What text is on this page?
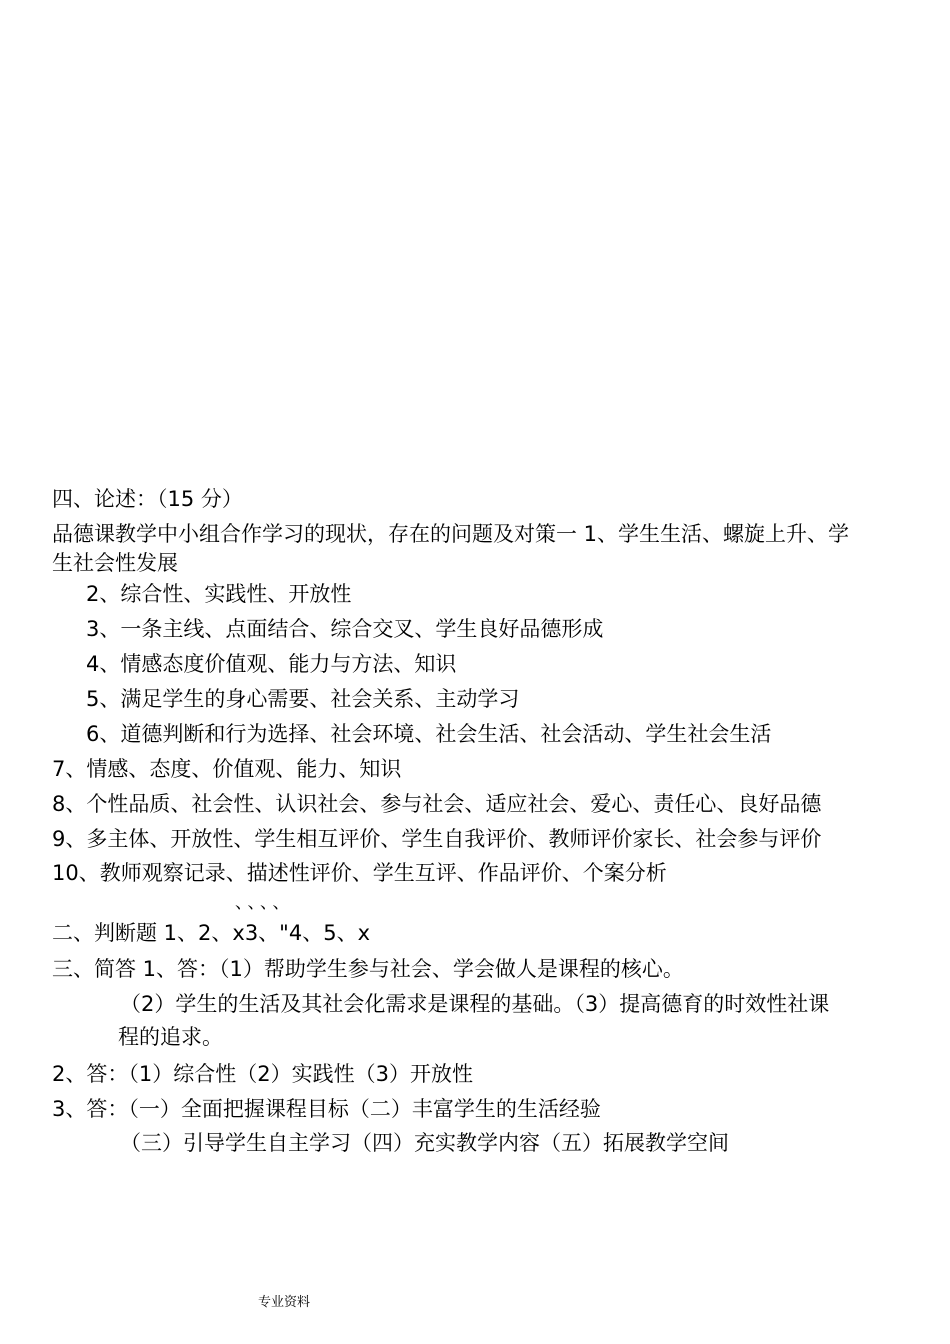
四、论述：（15 分）
品德课教学中小组合作学习的现状，存在的问题及对策一 1、学生生活、螺旋上升、学
生社会性发展
2、综合性、实践性、开放性
3、一条主线、点面结合、综合交叉、学生良好品德形成
4、情感态度价值观、能力与方法、知识
5、满足学生的身心需要、社会关系、主动学习
6、道德判断和行为选择、社会环境、社会生活、社会活动、学生社会生活
7、情感、态度、价值观、能力、知识
8、个性品质、社会性、认识社会、参与社会、适应社会、爱心、责任心、良好品德
9、多主体、开放性、学生相互评价、学生自我评价、教师评价家长、社会参与评价
10、教师观察记录、描述性评价、学生互评、作品评价、个案分析
、、、、
二、判断题 1、2、x3、"4、5、x
三、简答 1、答：（1）帮助学生参与社会、学会做人是课程的核心。
（2）学生的生活及其社会化需求是课程的基础。（3）提高德育的时效性社课
程的追求。
2、答：（1）综合性（2）实践性（3）开放性
3、答：（一）全面把握课程目标（二）丰富学生的生活经验
（三）引导学生自主学习（四）充实教学内容（五）拓展教学空间
专业资料
